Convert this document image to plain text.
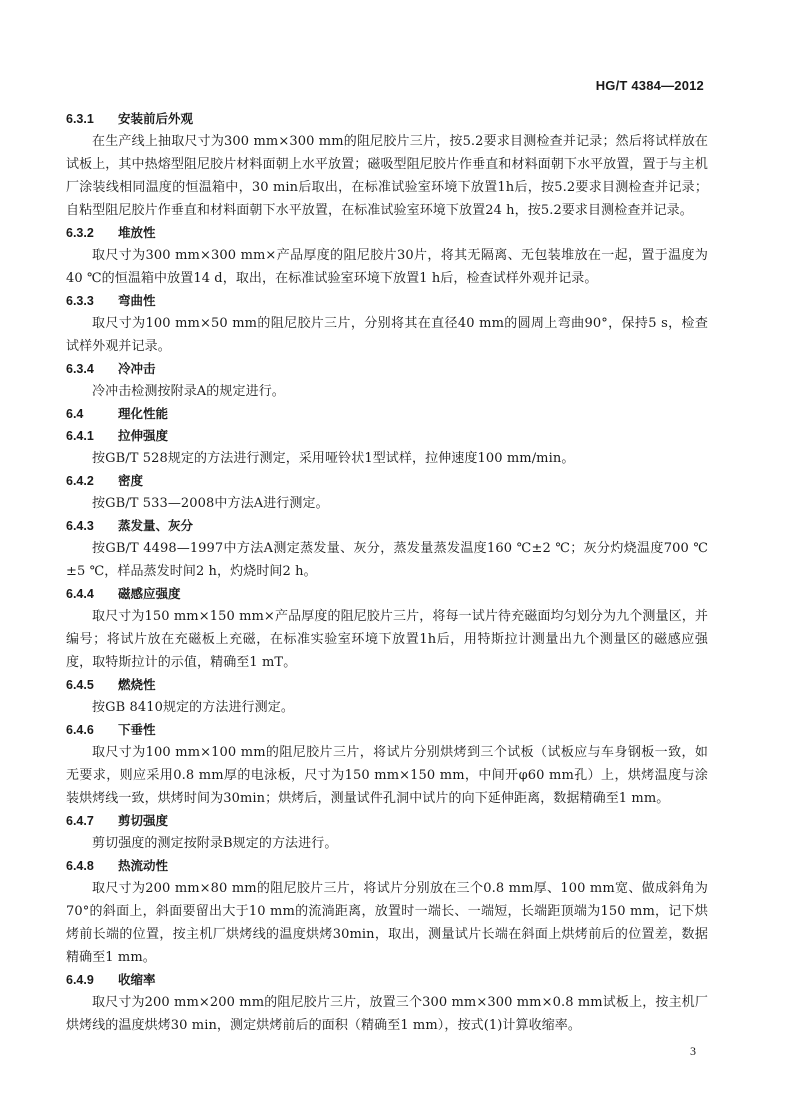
HG/T 4384—2012
6.3.1 安装前后外观
在生产线上抽取尺寸为300 mm×300 mm的阻尼胶片三片，按5.2要求目测检查并记录；然后将试样放在试板上，其中热熔型阻尼胶片材料面朝上水平放置；磁吸型阻尼胶片作垂直和材料面朝下水平放置，置于与主机厂涂装线相同温度的恒温箱中，30 min后取出，在标准试验室环境下放置1h后，按5.2要求目测检查并记录；自粘型阻尼胶片作垂直和材料面朝下水平放置，在标准试验室环境下放置24 h，按5.2要求目测检查并记录。
6.3.2 堆放性
取尺寸为300 mm×300 mm×产品厚度的阻尼胶片30片，将其无隔离、无包装堆放在一起，置于温度为40 ℃的恒温箱中放置14 d，取出，在标准试验室环境下放置1 h后，检查试样外观并记录。
6.3.3 弯曲性
取尺寸为100 mm×50 mm的阻尼胶片三片，分别将其在直径40 mm的圆周上弯曲90°，保持5 s，检查试样外观并记录。
6.3.4 冷冲击
冷冲击检测按附录A的规定进行。
6.4	理化性能
6.4.1 拉伸强度
按GB/T 528规定的方法进行测定，采用哑铃状1型试样，拉伸速度100 mm/min。
6.4.2 密度
按GB/T 533—2008中方法A进行测定。
6.4.3 蒸发量、灰分
按GB/T 4498—1997中方法A测定蒸发量、灰分，蒸发量蒸发温度160 ℃±2 ℃；灰分灼烧温度700 ℃±5 ℃，样品蒸发时间2 h，灼烧时间2 h。
6.4.4 磁感应强度
取尺寸为150 mm×150 mm×产品厚度的阻尼胶片三片，将每一试片待充磁面均匀划分为九个测量区，并编号；将试片放在充磁板上充磁，在标准实验室环境下放置1h后，用特斯拉计测量出九个测量区的磁感应强度，取特斯拉计的示值，精确至1 mT。
6.4.5 燃烧性
按GB 8410规定的方法进行测定。
6.4.6 下垂性
取尺寸为100 mm×100 mm的阻尼胶片三片，将试片分别烘烤到三个试板（试板应与车身钢板一致，如无要求，则应采用0.8 mm厚的电泳板，尺寸为150 mm×150 mm，中间开φ60 mm孔）上，烘烤温度与涂装烘烤线一致，烘烤时间为30min；烘烤后，测量试件孔洞中试片的向下延伸距离，数据精确至1 mm。
6.4.7 剪切强度
剪切强度的测定按附录B规定的方法进行。
6.4.8 热流动性
取尺寸为200 mm×80 mm的阻尼胶片三片，将试片分别放在三个0.8 mm厚、100 mm宽、做成斜角为70°的斜面上，斜面要留出大于10 mm的流淌距离，放置时一端长、一端短，长端距顶端为150 mm，记下烘烤前长端的位置，按主机厂烘烤线的温度烘烤30min，取出，测量试片长端在斜面上烘烤前后的位置差，数据精确至1 mm。
6.4.9 收缩率
取尺寸为200 mm×200 mm的阻尼胶片三片，放置三个300 mm×300 mm×0.8 mm试板上，按主机厂烘烤线的温度烘烤30 min，测定烘烤前后的面积（精确至1 mm），按式(1)计算收缩率。
3
